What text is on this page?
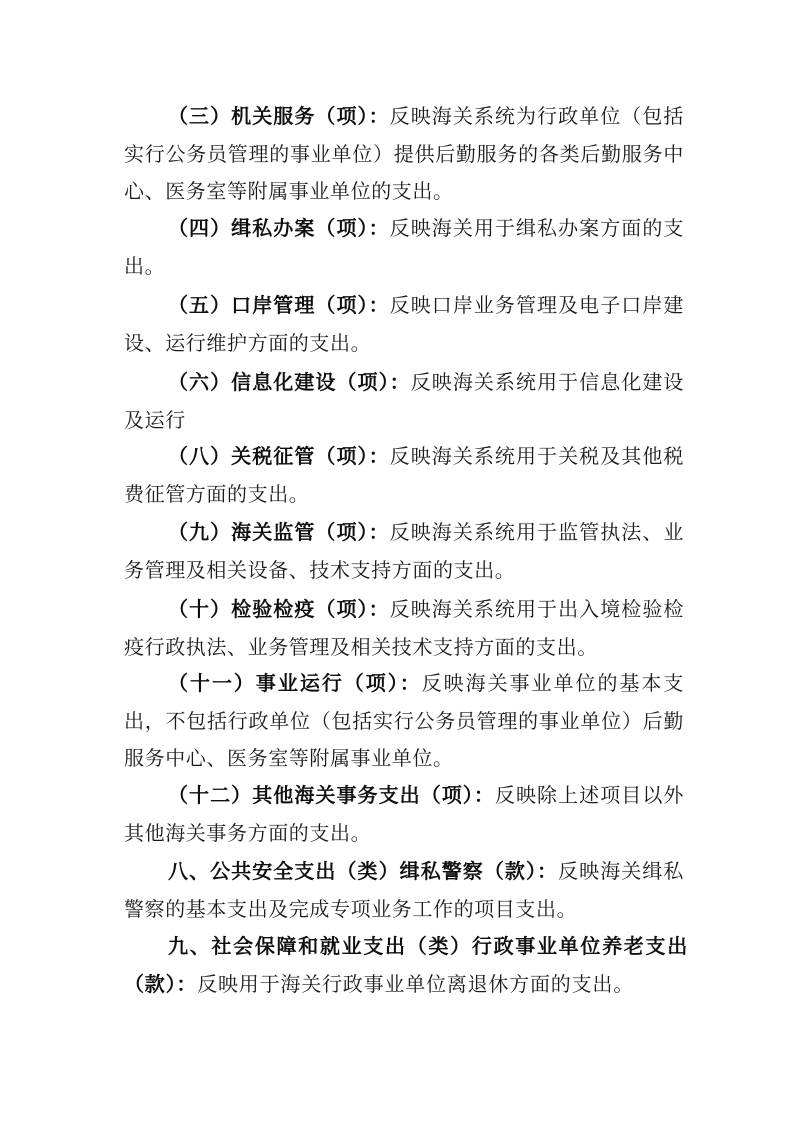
（三）机关服务（项）：反映海关系统为行政单位（包括实行公务员管理的事业单位）提供后勤服务的各类后勤服务中心、医务室等附属事业单位的支出。

（四）缉私办案（项）：反映海关用于缉私办案方面的支出。

（五）口岸管理（项）：反映口岸业务管理及电子口岸建设、运行维护方面的支出。

（六）信息化建设（项）：反映海关系统用于信息化建设及运行

（八）关税征管（项）：反映海关系统用于关税及其他税费征管方面的支出。

（九）海关监管（项）：反映海关系统用于监管执法、业务管理及相关设备、技术支持方面的支出。

（十）检验检疫（项）：反映海关系统用于出入境检验检疫行政执法、业务管理及相关技术支持方面的支出。

（十一）事业运行（项）：反映海关事业单位的基本支出，不包括行政单位（包括实行公务员管理的事业单位）后勤服务中心、医务室等附属事业单位。

（十二）其他海关事务支出（项）：反映除上述项目以外其他海关事务方面的支出。

八、公共安全支出（类）缉私警察（款）：反映海关缉私警察的基本支出及完成专项业务工作的项目支出。

九、社会保障和就业支出（类）行政事业单位养老支出（款）：反映用于海关行政事业单位离退休方面的支出。
